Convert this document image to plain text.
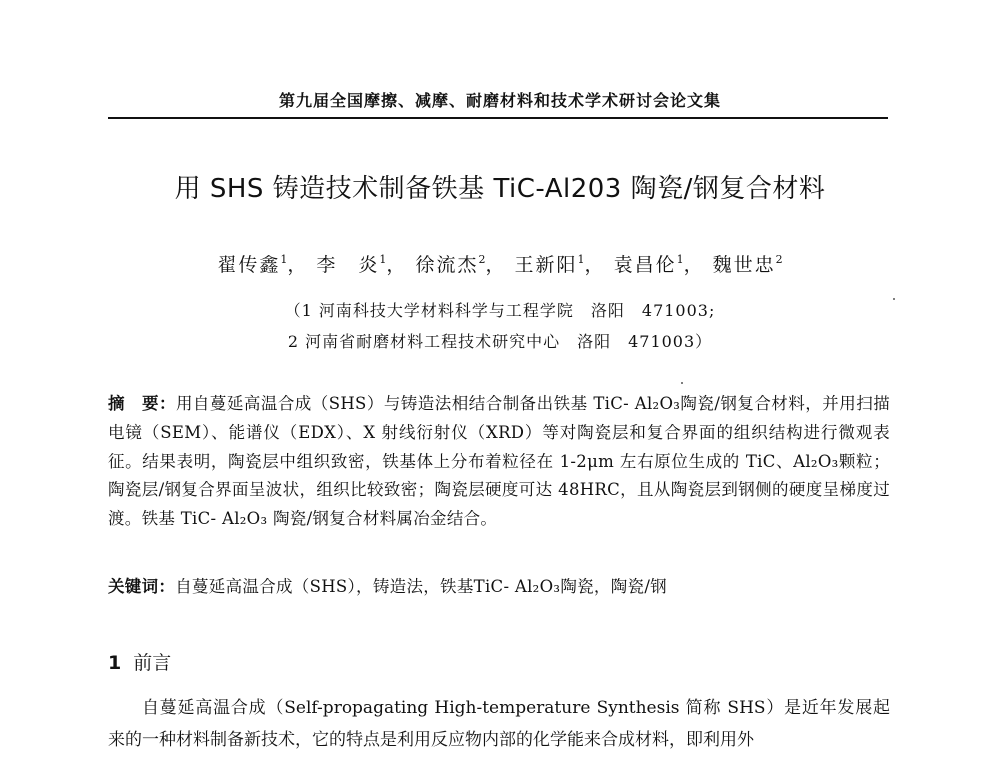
第九届全国摩擦、减摩、耐磨材料和技术学术研讨会论文集
用 SHS 铸造技术制备铁基 TiC-Al203 陶瓷/钢复合材料
翟传鑫$^1$， 李　炎$^1$， 徐流杰$^2$， 王新阳$^1$， 袁昌伦$^1$， 魏世忠$^2$
（1 河南科技大学材料科学与工程学院　洛阳　471003;
2 河南省耐磨材料工程技术研究中心　洛阳　471003）
摘　要：用自蔓延高温合成（SHS）与铸造法相结合制备出铁基 TiC- Al₂O₃陶瓷/钢复合材料，并用扫描电镜（SEM）、能谱仪（EDX）、X 射线衍射仪（XRD）等对陶瓷层和复合界面的组织结构进行微观表征。结果表明，陶瓷层中组织致密，铁基体上分布着粒径在 1-2μm 左右原位生成的 TiC、Al₂O₃颗粒；陶瓷层/钢复合界面呈波状，组织比较致密；陶瓷层硬度可达 48HRC，且从陶瓷层到钢侧的硬度呈梯度过渡。铁基 TiC- Al₂O₃ 陶瓷/钢复合材料属冶金结合。
关键词：自蔓延高温合成（SHS），铸造法，铁基TiC- Al₂O₃陶瓷，陶瓷/钢
1 前言
自蔓延高温合成（Self-propagating High-temperature Synthesis 简称 SHS）是近年发展起来的一种材料制备新技术，它的特点是利用反应物内部的化学能来合成材料，即利用外
